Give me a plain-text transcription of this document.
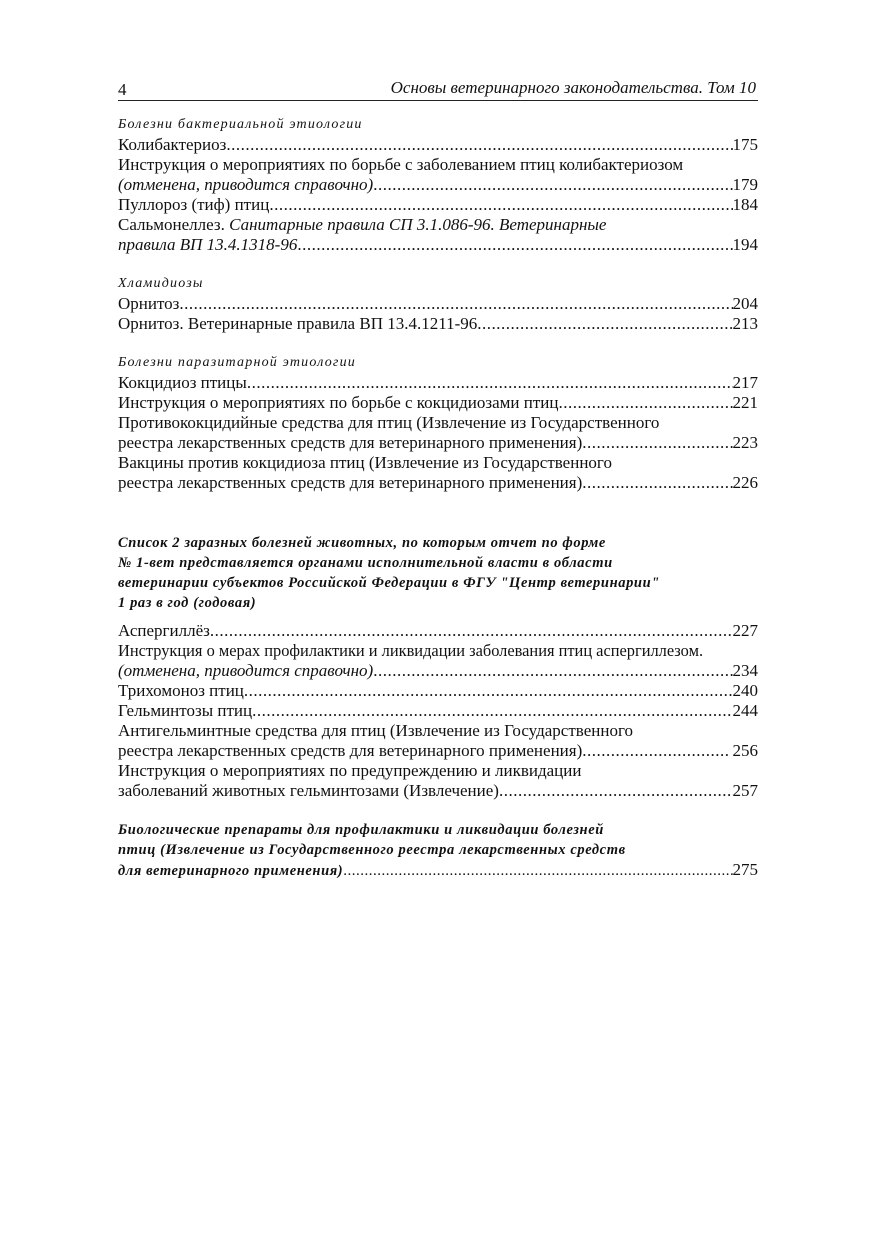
4	Основы ветеринарного законодательства. Том 10
Болезни бактериальной этиологии
Колибактериоз .....	175
Инструкция о мероприятиях по борьбе с заболеванием птиц колибактериозом
(отменена, приводится справочно) .....	179
Пуллороз (тиф) птиц .....	184
Сальмонеллез. Санитарные правила СП 3.1.086-96. Ветеринарные
правила ВП 13.4.1318-96 .....	194
Хламидиозы
Орнитоз .....	204
Орнитоз. Ветеринарные правила ВП 13.4.1211-96 .....	213
Болезни паразитарной этиологии
Кокцидиоз птицы .....	217
Инструкция о мероприятиях по борьбе с кокцидиозами птиц .....	221
Противококцидийные средства для птиц (Извлечение из Государственного
реестра лекарственных средств для ветеринарного применения) .....	223
Вакцины против кокцидиоза птиц (Извлечение из Государственного
реестра лекарственных средств для ветеринарного применения) .....	226
Список 2 заразных болезней животных, по которым отчет по форме
№ 1-вет представляется органами исполнительной власти в области
ветеринарии субъектов Российской Федерации в ФГУ "Центр ветеринарии"
1 раз в год (годовая)
Аспергиллёз .....	227
Инструкция о мерах профилактики и ликвидации заболевания птиц аспергиллезом.
(отменена, приводится справочно) .....	234
Трихомоноз птиц .....	240
Гельминтозы птиц .....	244
Антигельминтные средства для птиц (Извлечение из Государственного
реестра лекарственных средств для ветеринарного применения) .....	256
Инструкция о мероприятиях по предупреждению и ликвидации
заболеваний животных гельминтозами (Извлечение) .....	257
Биологические препараты для профилактики и ликвидации болезней
птиц (Извлечение из Государственного реестра лекарственных средств
для ветеринарного применения) .....	275
